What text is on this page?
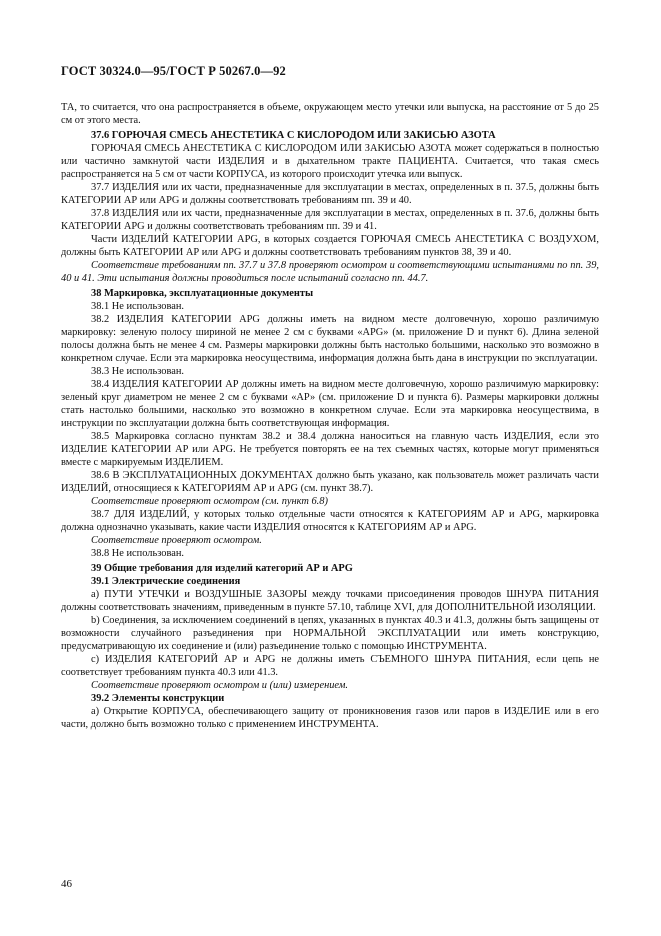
ГОСТ 30324.0—95/ГОСТ Р 50267.0—92

ТА, то считается, что она распространяется в объеме, окружающем место утечки или выпуска, на расстояние от 5 до 25 см от этого места.

37.6 ГОРЮЧАЯ СМЕСЬ АНЕСТЕТИКА С КИСЛОРОДОМ ИЛИ ЗАКИСЬЮ АЗОТА

ГОРЮЧАЯ СМЕСЬ АНЕСТЕТИКА С КИСЛОРОДОМ ИЛИ ЗАКИСЬЮ АЗОТА может содержаться в полностью или частично замкнутой части ИЗДЕЛИЯ и в дыхательном тракте ПАЦИЕНТА. Считается, что такая смесь распространяется на 5 см от части КОРПУСА, из которого происходит утечка или выпуск.

37.7 ИЗДЕЛИЯ или их части, предназначенные для эксплуатации в местах, определенных в п. 37.5, должны быть КАТЕГОРИИ АР или APG и должны соответствовать требованиям пп. 39 и 40.

37.8 ИЗДЕЛИЯ или их части, предназначенные для эксплуатации в местах, определенных в п. 37.6, должны быть КАТЕГОРИИ APG и должны соответствовать требованиям пп. 39 и 41.

Части ИЗДЕЛИЙ КАТЕГОРИИ APG, в которых создается ГОРЮЧАЯ СМЕСЬ АНЕСТЕТИКА С ВОЗДУХОМ, должны быть КАТЕГОРИИ АР или APG и должны соответствовать требованиям пунктов 38, 39 и 40.

Соответствие требованиям пп. 37.7 и 37.8 проверяют осмотром и соответствующими испытаниями по пп. 39, 40 и 41. Эти испытания должны проводиться после испытаний согласно пп. 44.7.

38 Маркировка, эксплуатационные документы

38.1 Не использован.

38.2 ИЗДЕЛИЯ КАТЕГОРИИ APG должны иметь на видном месте долговечную, хорошо различимую маркировку: зеленую полосу шириной не менее 2 см с буквами «APG» (м. приложение D и пункт 6). Длина зеленой полосы должна быть не менее 4 см. Размеры маркировки должны быть настолько большими, насколько это возможно в конкретном случае. Если эта маркировка неосуществима, информация должна быть дана в инструкции по эксплуатации.

38.3 Не использован.

38.4 ИЗДЕЛИЯ КАТЕГОРИИ АР должны иметь на видном месте долговечную, хорошо различимую маркировку: зеленый круг диаметром не менее 2 см с буквами «АР» (см. приложение D и пункта 6). Размеры маркировки должны стать настолько большими, насколько это возможно в конкретном случае. Если эта маркировка неосуществима, в инструкции по эксплуатации должна быть соответствующая информация.

38.5 Маркировка согласно пунктам 38.2 и 38.4 должна наноситься на главную часть ИЗДЕЛИЯ, если это ИЗДЕЛИЕ КАТЕГОРИИ АР или APG. Не требуется повторять ее на тех съемных частях, которые могут применяться вместе с маркируемым ИЗДЕЛИЕМ.

38.6 В ЭКСПЛУАТАЦИОННЫХ ДОКУМЕНТАХ должно быть указано, как пользователь может различать части ИЗДЕЛИЙ, относящиеся к КАТЕГОРИЯМ АР и APG (см. пункт 38.7).

Соответствие проверяют осмотром (см. пункт 6.8)

38.7 ДЛЯ ИЗДЕЛИЙ, у которых только отдельные части относятся к КАТЕГОРИЯМ АР и APG, маркировка должна однозначно указывать, какие части ИЗДЕЛИЯ относятся к КАТЕГОРИЯМ АР и APG.

Соответствие проверяют осмотром.

38.8 Не использован.

39 Общие требования для изделий категорий АР и APG

39.1 Электрические соединения

а) ПУТИ УТЕЧКИ и ВОЗДУШНЫЕ ЗАЗОРЫ между точками присоединения проводов ШНУРА ПИТАНИЯ должны соответствовать значениям, приведенным в пункте 57.10, таблице XVI, для ДОПОЛНИТЕЛЬНОЙ ИЗОЛЯЦИИ.

b) Соединения, за исключением соединений в цепях, указанных в пунктах 40.3 и 41.3, должны быть защищены от возможности случайного разъединения при НОРМАЛЬНОЙ ЭКСПЛУАТАЦИИ или иметь конструкцию, предусматривающую их соединение и (или) разъединение только с помощью ИНСТРУМЕНТА.

с) ИЗДЕЛИЯ КАТЕГОРИЙ АР и APG не должны иметь СЪЕМНОГО ШНУРА ПИТАНИЯ, если цепь не соответствует требованиям пункта 40.3 или 41.3.

Соответствие проверяют осмотром и (или) измерением.

39.2 Элементы конструкции

а) Открытие КОРПУСА, обеспечивающего защиту от проникновения газов или паров в ИЗДЕЛИЕ или в его части, должно быть возможно только с применением ИНСТРУМЕНТА.

46
